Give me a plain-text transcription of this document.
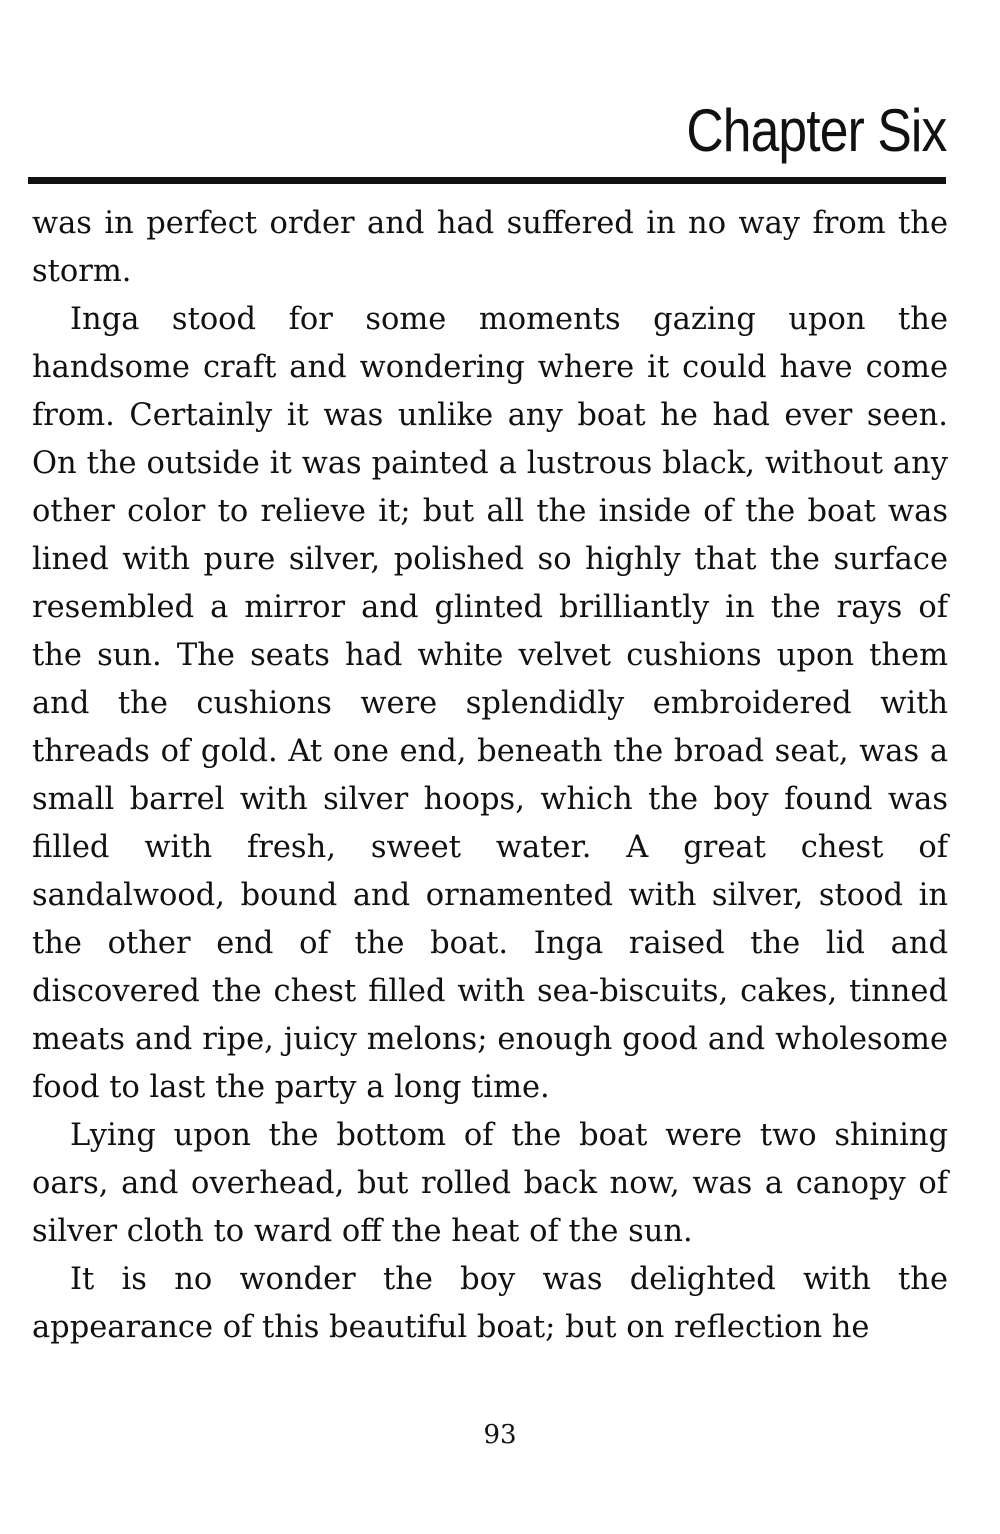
Chapter Six

was in perfect order and had suffered in no way from the storm.

Inga stood for some moments gazing upon the handsome craft and wondering where it could have come from. Certainly it was unlike any boat he had ever seen. On the outside it was painted a lustrous black, without any other color to relieve it; but all the inside of the boat was lined with pure silver, polished so highly that the surface resembled a mirror and glinted brilliantly in the rays of the sun. The seats had white velvet cushions upon them and the cushions were splendidly embroidered with threads of gold. At one end, beneath the broad seat, was a small barrel with silver hoops, which the boy found was filled with fresh, sweet water. A great chest of sandalwood, bound and ornamented with silver, stood in the other end of the boat. Inga raised the lid and discovered the chest filled with sea-biscuits, cakes, tinned meats and ripe, juicy melons; enough good and wholesome food to last the party a long time.

Lying upon the bottom of the boat were two shining oars, and overhead, but rolled back now, was a canopy of silver cloth to ward off the heat of the sun.

It is no wonder the boy was delighted with the appearance of this beautiful boat; but on reflection he

93
